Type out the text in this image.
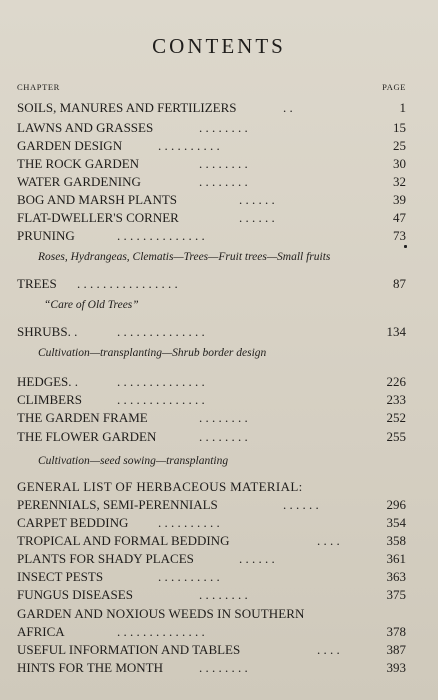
CONTENTS
CHAPTER	PAGE
SOILS, MANURES AND FERTILIZERS	. .	1
LAWNS AND GRASSES	. . . . . . . .	15
GARDEN DESIGN	. . . . . . . . . .	25
THE ROCK GARDEN	. . . . . . . .	30
WATER GARDENING	. . . . . . . .	32
BOG AND MARSH PLANTS	. . . . . .	39
FLAT-DWELLER'S CORNER	. . . . . .	47
PRUNING	. . . . . . . . . . . . . .	73
Roses, Hydrangeas, Clematis—Trees—Fruit trees—Small fruits
TREES . . . . . . . . . . . . . . . .	87
“Care of Old Trees”
SHRUBS. .	. . . . . . . . . . . . . .	134
Cultivation—transplanting—Shrub border design
HEDGES. .	. . . . . . . . . . . . . .	226
CLIMBERS	. . . . . . . . . . . . . .	233
THE GARDEN FRAME	. . . . . . . .	252
THE FLOWER GARDEN	. . . . . . . .	255
Cultivation—seed sowing—transplanting
GENERAL LIST OF HERBACEOUS MATERIAL:
PERENNIALS, SEMI-PERENNIALS	. . . . . .	296
CARPET BEDDING . . . . . . . . . .	354
TROPICAL AND FORMAL BEDDING	. . . .	358
PLANTS FOR SHADY PLACES	. . . . . .	361
INSECT PESTS	. . . . . . . . . .	363
FUNGUS DISEASES	. . . . . . . .	375
GARDEN AND NOXIOUS WEEDS IN SOUTHERN
AFRICA	. . . . . . . . . . . . . .	378
USEFUL INFORMATION AND TABLES	. . . .	387
HINTS FOR THE MONTH	. . . . . . . .	393
